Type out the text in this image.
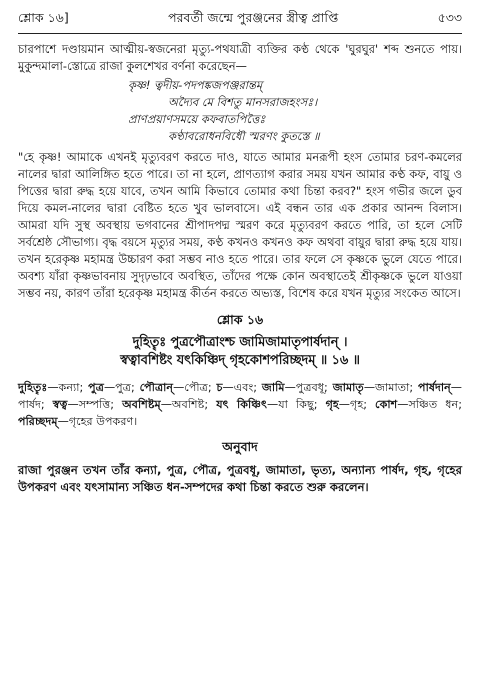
শ্লোক ১৬]	পরবর্তী জন্মে পুরঞ্জনের স্ত্রীত্ব প্রাপ্তি	৫৩৩

চারপাশে দণ্ডায়মান আত্মীয়-স্বজনেরা মৃত্যু-পথযাত্রী ব্যক্তির কণ্ঠ থেকে 'ঘুরঘুর' শব্দ শুনতে পায়। মুকুন্দমালা-স্তোত্রে রাজা কুলশেখর বর্ণনা করেছেন—

কৃষ্ণ! ত্বদীয়-পদপঙ্কজপঞ্জরান্তম্
অদ্যৈব মে বিশতু মানসরাজহংসঃ।
প্রাণপ্রয়াণসময়ে কফবাতপিত্তৈঃ
কণ্ঠাবরোধনবিধৌ স্মরণং কুতস্তে ॥

"হে কৃষ্ণ! আমাকে এখনই মৃত্যুবরণ করতে দাও, যাতে আমার মনরূপী হংস তোমার চরণ-কমলের নালের দ্বারা আলিঙ্গিত হতে পারে। তা না হলে, প্রাণত্যাগ করার সময় যখন আমার কণ্ঠ কফ, বায়ু ও পিত্তের দ্বারা রুদ্ধ হয়ে যাবে, তখন আমি কিভাবে তোমার কথা চিন্তা করব?" হংস গভীর জলে ডুব দিয়ে কমল-নালের দ্বারা বেষ্টিত হতে খুব ভালবাসে। এই বন্ধন তার এক প্রকার আনন্দ বিলাস। আমরা যদি সুস্থ অবস্থায় ভগবানের শ্রীপাদপদ্ম স্মরণ করে মৃত্যুবরণ করতে পারি, তা হলে সেটি সর্বশ্রেষ্ঠ সৌভাগ্য। বৃদ্ধ বয়সে মৃত্যুর সময়, কণ্ঠ কখনও কখনও কফ অথবা বায়ুর দ্বারা রুদ্ধ হয়ে যায়। তখন হরেকৃষ্ণ মহামন্ত্র উচ্চারণ করা সম্ভব নাও হতে পারে। তার ফলে সে কৃষ্ণকে ভুলে যেতে পারে। অবশ্য যাঁরা কৃষ্ণভাবনায় সুদৃঢ়ভাবে অবস্থিত, তাঁদের পক্ষে কোন অবস্থাতেই শ্রীকৃষ্ণকে ভুলে যাওয়া সম্ভব নয়, কারণ তাঁরা হরেকৃষ্ণ মহামন্ত্র কীর্তন করতে অভ্যস্ত, বিশেষ করে যখন মৃত্যুর সংকেত আসে।

শ্লোক ১৬
দুহিতৄঃ পুত্রপৌত্রাংশ্চ জামিজামাতৃপার্ষদান্ ।
স্বত্বাবশিষ্টং যৎকিঞ্চিদ্ গৃহকোশপরিচ্ছদম্ ॥ ১৬ ॥

দুহিতৄঃ—কন্যা; পুত্র—পুত্র; পৌত্রান্—পৌত্র; চ—এবং; জামি—পুত্রবধূ; জামাতৃ—জামাতা; পার্ষদান্—পার্ষদ; স্বত্ব—সম্পত্তি; অবশিষ্টম্—অবশিষ্ট; যৎ কিঞ্চিৎ—যা কিছু; গৃহ—গৃহ; কোশ—সঞ্চিত ধন; পরিচ্ছদম্—গৃহের উপকরণ।

অনুবাদ

রাজা পুরঞ্জন তখন তাঁর কন্যা, পুত্র, পৌত্র, পুত্রবধূ, জামাতা, ভৃত্য, অন্যান্য পার্ষদ, গৃহ, গৃহের উপকরণ এবং যৎসামান্য সঞ্চিত ধন-সম্পদের কথা চিন্তা করতে শুরু করলেন।
